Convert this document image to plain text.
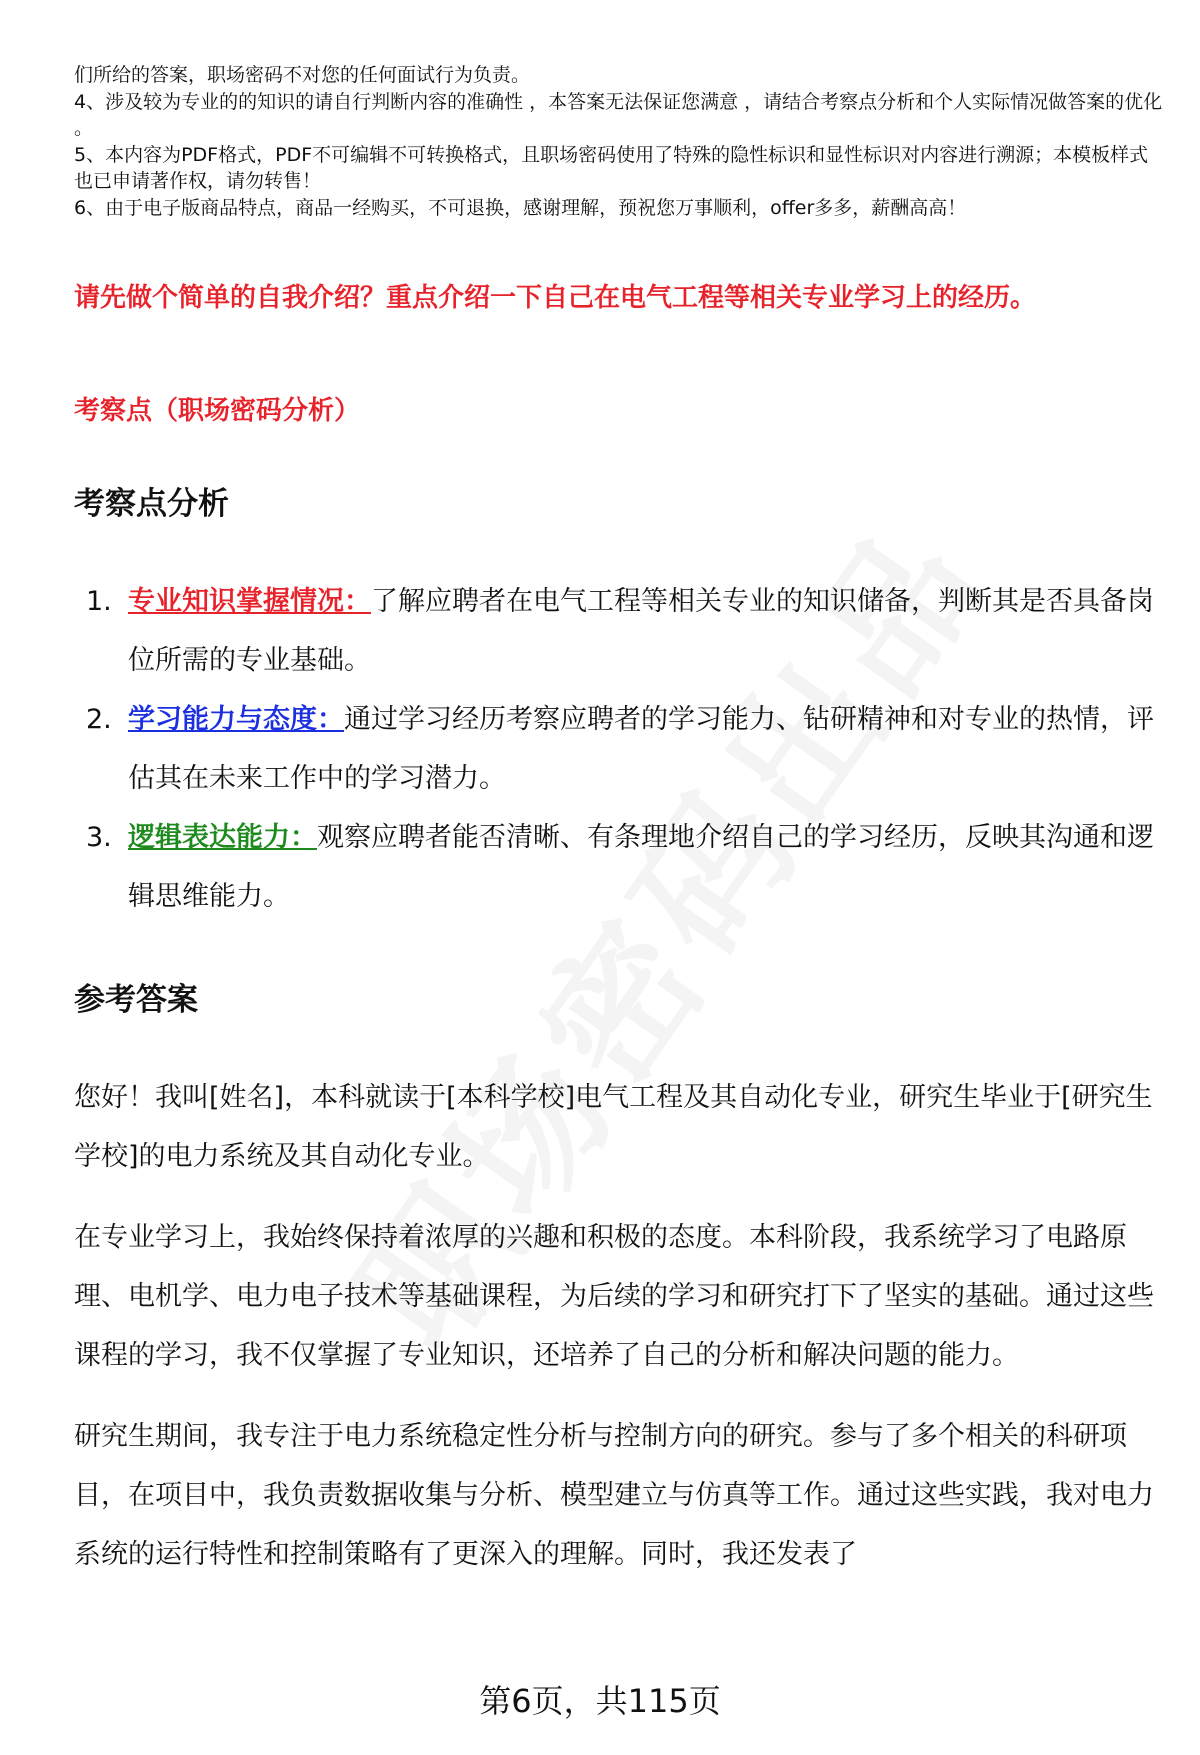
们所给的答案，职场密码不对您的任何面试行为负责。

4、涉及较为专业的的知识的请自行判断内容的准确性 ，本答案无法保证您满意 ，请结合考察点分析和个人实际情况做答案的优化 。

5、本内容为PDF格式，PDF不可编辑不可转换格式，且职场密码使用了特殊的隐性标识和显性标识对内容进行溯源；本模板样式也已申请著作权，请勿转售！

6、由于电子版商品特点，商品一经购买，不可退换，感谢理解，预祝您万事顺利，offer多多，薪酬高高！

请先做个简单的自我介绍？重点介绍一下自己在电气工程等相关专业学习上的经历。
考察点（职场密码分析）
考察点分析
1. 专业知识掌握情况：了解应聘者在电气工程等相关专业的知识储备，判断其是否具备岗位所需的专业基础。
2. 学习能力与态度：通过学习经历考察应聘者的学习能力、钻研精神和对专业的热情，评估其在未来工作中的学习潜力。
3. 逻辑表达能力：观察应聘者能否清晰、有条理地介绍自己的学习经历，反映其沟通和逻辑思维能力。
参考答案

您好！我叫[姓名]，本科就读于[本科学校]电气工程及其自动化专业，研究生毕业于[研究生学校]的电力系统及其自动化专业。

在专业学习上，我始终保持着浓厚的兴趣和积极的态度。本科阶段，我系统学习了电路原理、电机学、电力电子技术等基础课程，为后续的学习和研究打下了坚实的基础。通过这些课程的学习，我不仅掌握了专业知识，还培养了自己的分析和解决问题的能力。

研究生期间，我专注于电力系统稳定性分析与控制方向的研究。参与了多个相关的科研项目，在项目中，我负责数据收集与分析、模型建立与仿真等工作。通过这些实践，我对电力系统的运行特性和控制策略有了更深入的理解。同时，我还发表了

第6页，共115页
